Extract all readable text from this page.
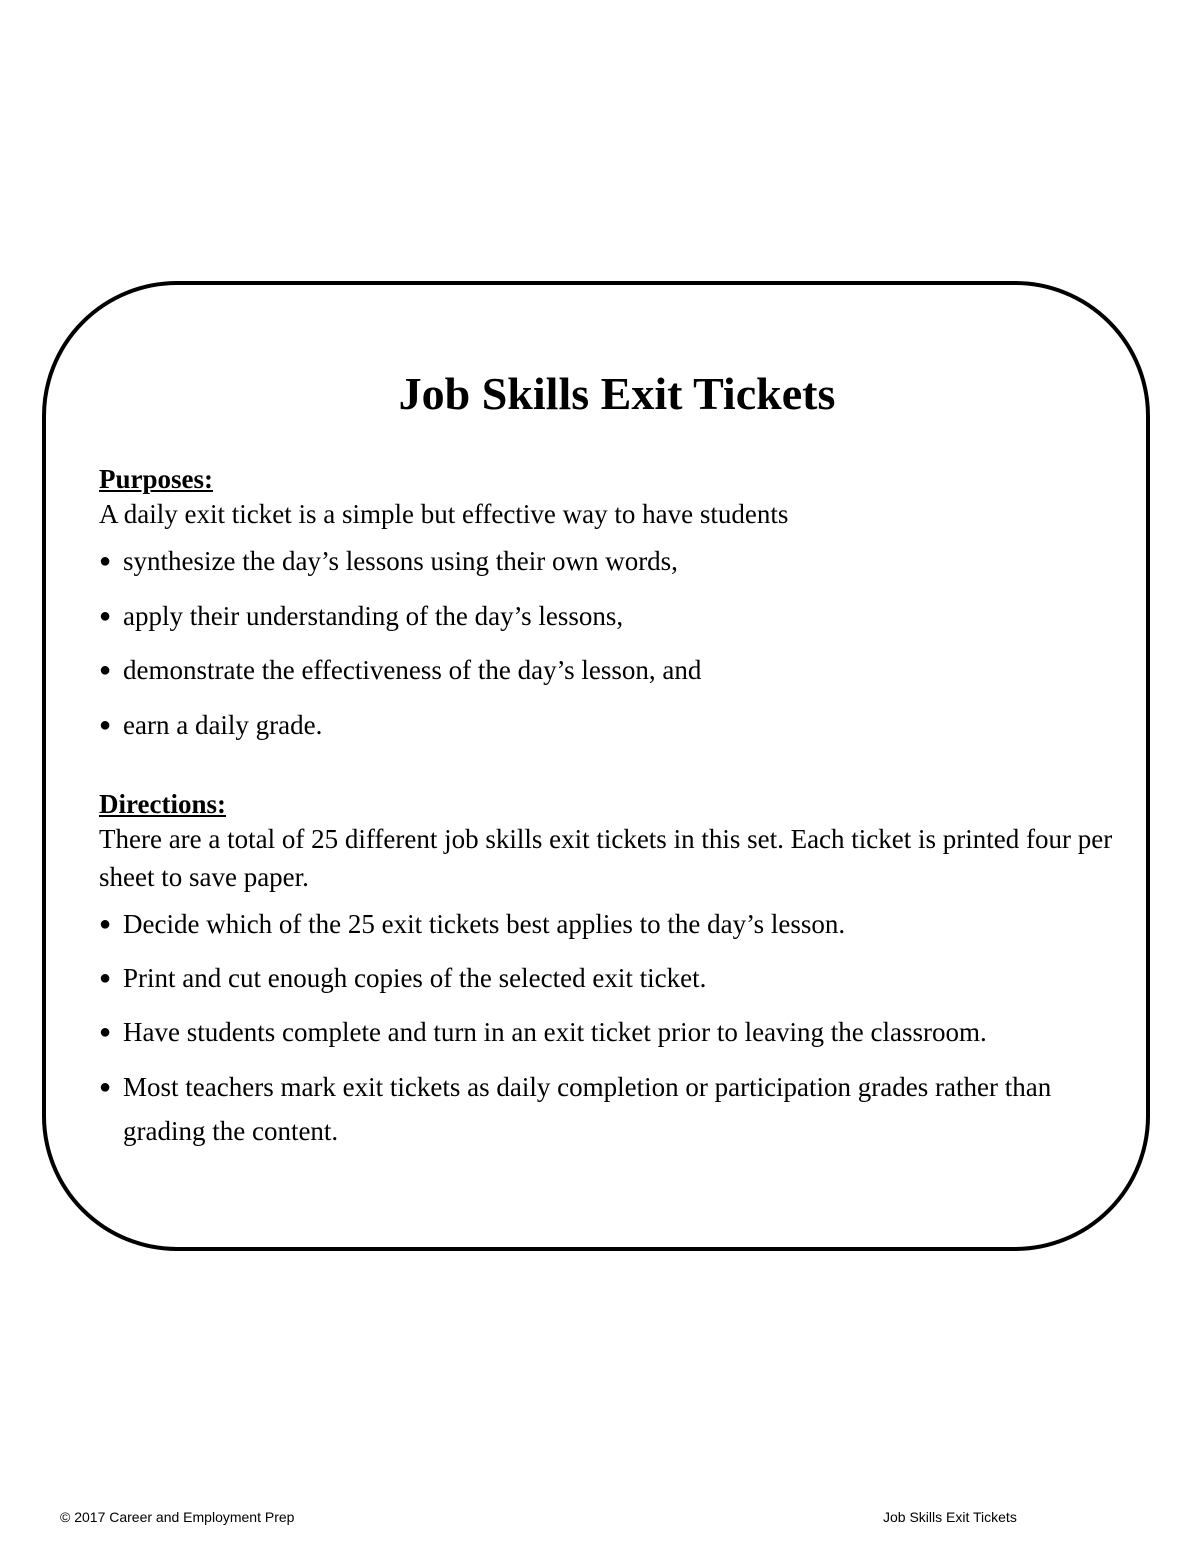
Job Skills Exit Tickets
Purposes:

A daily exit ticket is a simple but effective way to have students

● synthesize the day’s lessons using their own words,
● apply their understanding of the day’s lessons,
● demonstrate the effectiveness of the day’s lesson, and
● earn a daily grade.
Directions:

There are a total of 25 different job skills exit tickets in this set. Each ticket is printed four per sheet to save paper.

● Decide which of the 25 exit tickets best applies to the day’s lesson.
● Print and cut enough copies of the selected exit ticket.
● Have students complete and turn in an exit ticket prior to leaving the classroom.
● Most teachers mark exit tickets as daily completion or participation grades rather than grading the content.

© 2017 Career and Employment Prep	Job Skills Exit Tickets
